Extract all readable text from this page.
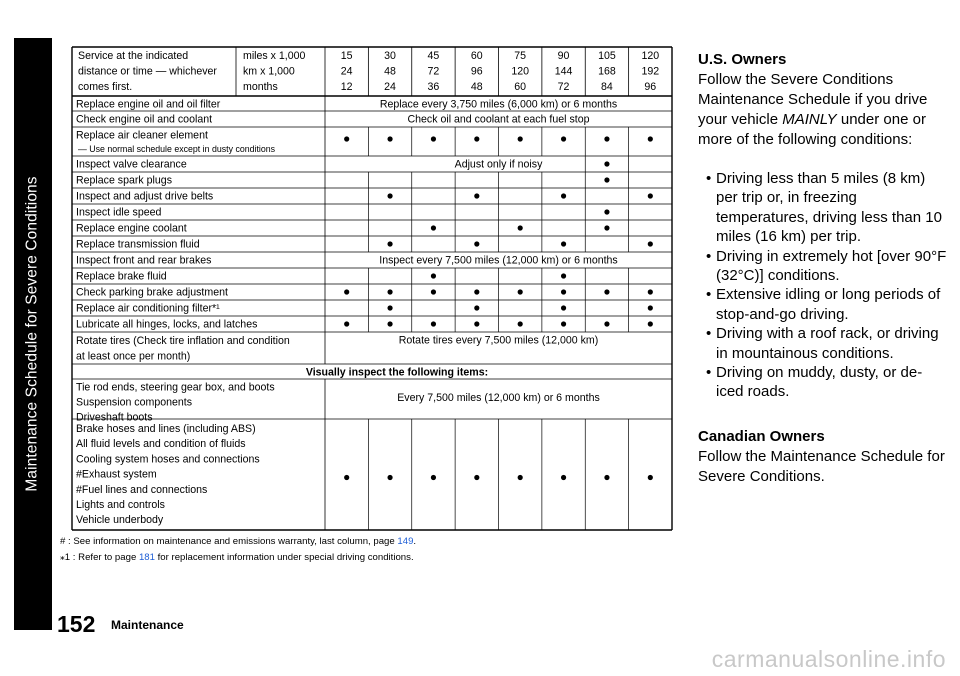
Maintenance Schedule for Severe Conditions
Service at the indicated
distance or time — whichever
comes first.
miles x 1,000
km x 1,000
months
15
24
12
30
48
24
45
72
36
60
96
48
75
120
60
90
144
72
105
168
84
120
192
96
Replace every 3,750 miles (6,000 km) or 6 months
Replace engine oil and oil filter
Check oil and coolant at each fuel stop
Check engine oil and coolant
Replace air cleaner element
— Use normal schedule except in dusty conditions
Adjust only if noisy
Inspect valve clearance
Replace spark plugs
Inspect and adjust drive belts
Inspect idle speed
Replace engine coolant
Replace transmission fluid
Inspect every 7,500 miles (12,000 km) or 6 months
Inspect front and rear brakes
Replace brake fluid
Check parking brake adjustment
Replace air conditioning filter*¹
Lubricate all hinges, locks, and latches
Rotate tires every 7,500 miles (12,000 km)
Rotate tires (Check tire inflation and condition
at least once per month)
Visually inspect the following items:
Tie rod ends, steering gear box, and boots
Suspension components
Driveshaft boots
Every 7,500 miles (12,000 km) or 6 months
Brake hoses and lines (including ABS)
All fluid levels and condition of fluids
Cooling system hoses and connections
#Exhaust system
#Fuel lines and connections
Lights and controls
Vehicle underbody
# : See information on maintenance and emissions warranty, last column, page 149.
⁎1 : Refer to page 181 for replacement information under special driving conditions.

U.S. Owners

Follow the Severe Conditions Maintenance Schedule if you drive your vehicle MAINLY under one or more of the following conditions:

• Driving less than 5 miles (8 km) per trip or, in freezing temperatures, driving less than 10 miles (16 km) per trip.
• Driving in extremely hot [over 90°F (32°C)] conditions.
• Extensive idling or long periods of stop-and-go driving.
• Driving with a roof rack, or driving in mountainous conditions.
• Driving on muddy, dusty, or de-iced roads.

Canadian Owners

Follow the Maintenance Schedule for Severe Conditions.

152 Maintenance
carmanualsonline.info
